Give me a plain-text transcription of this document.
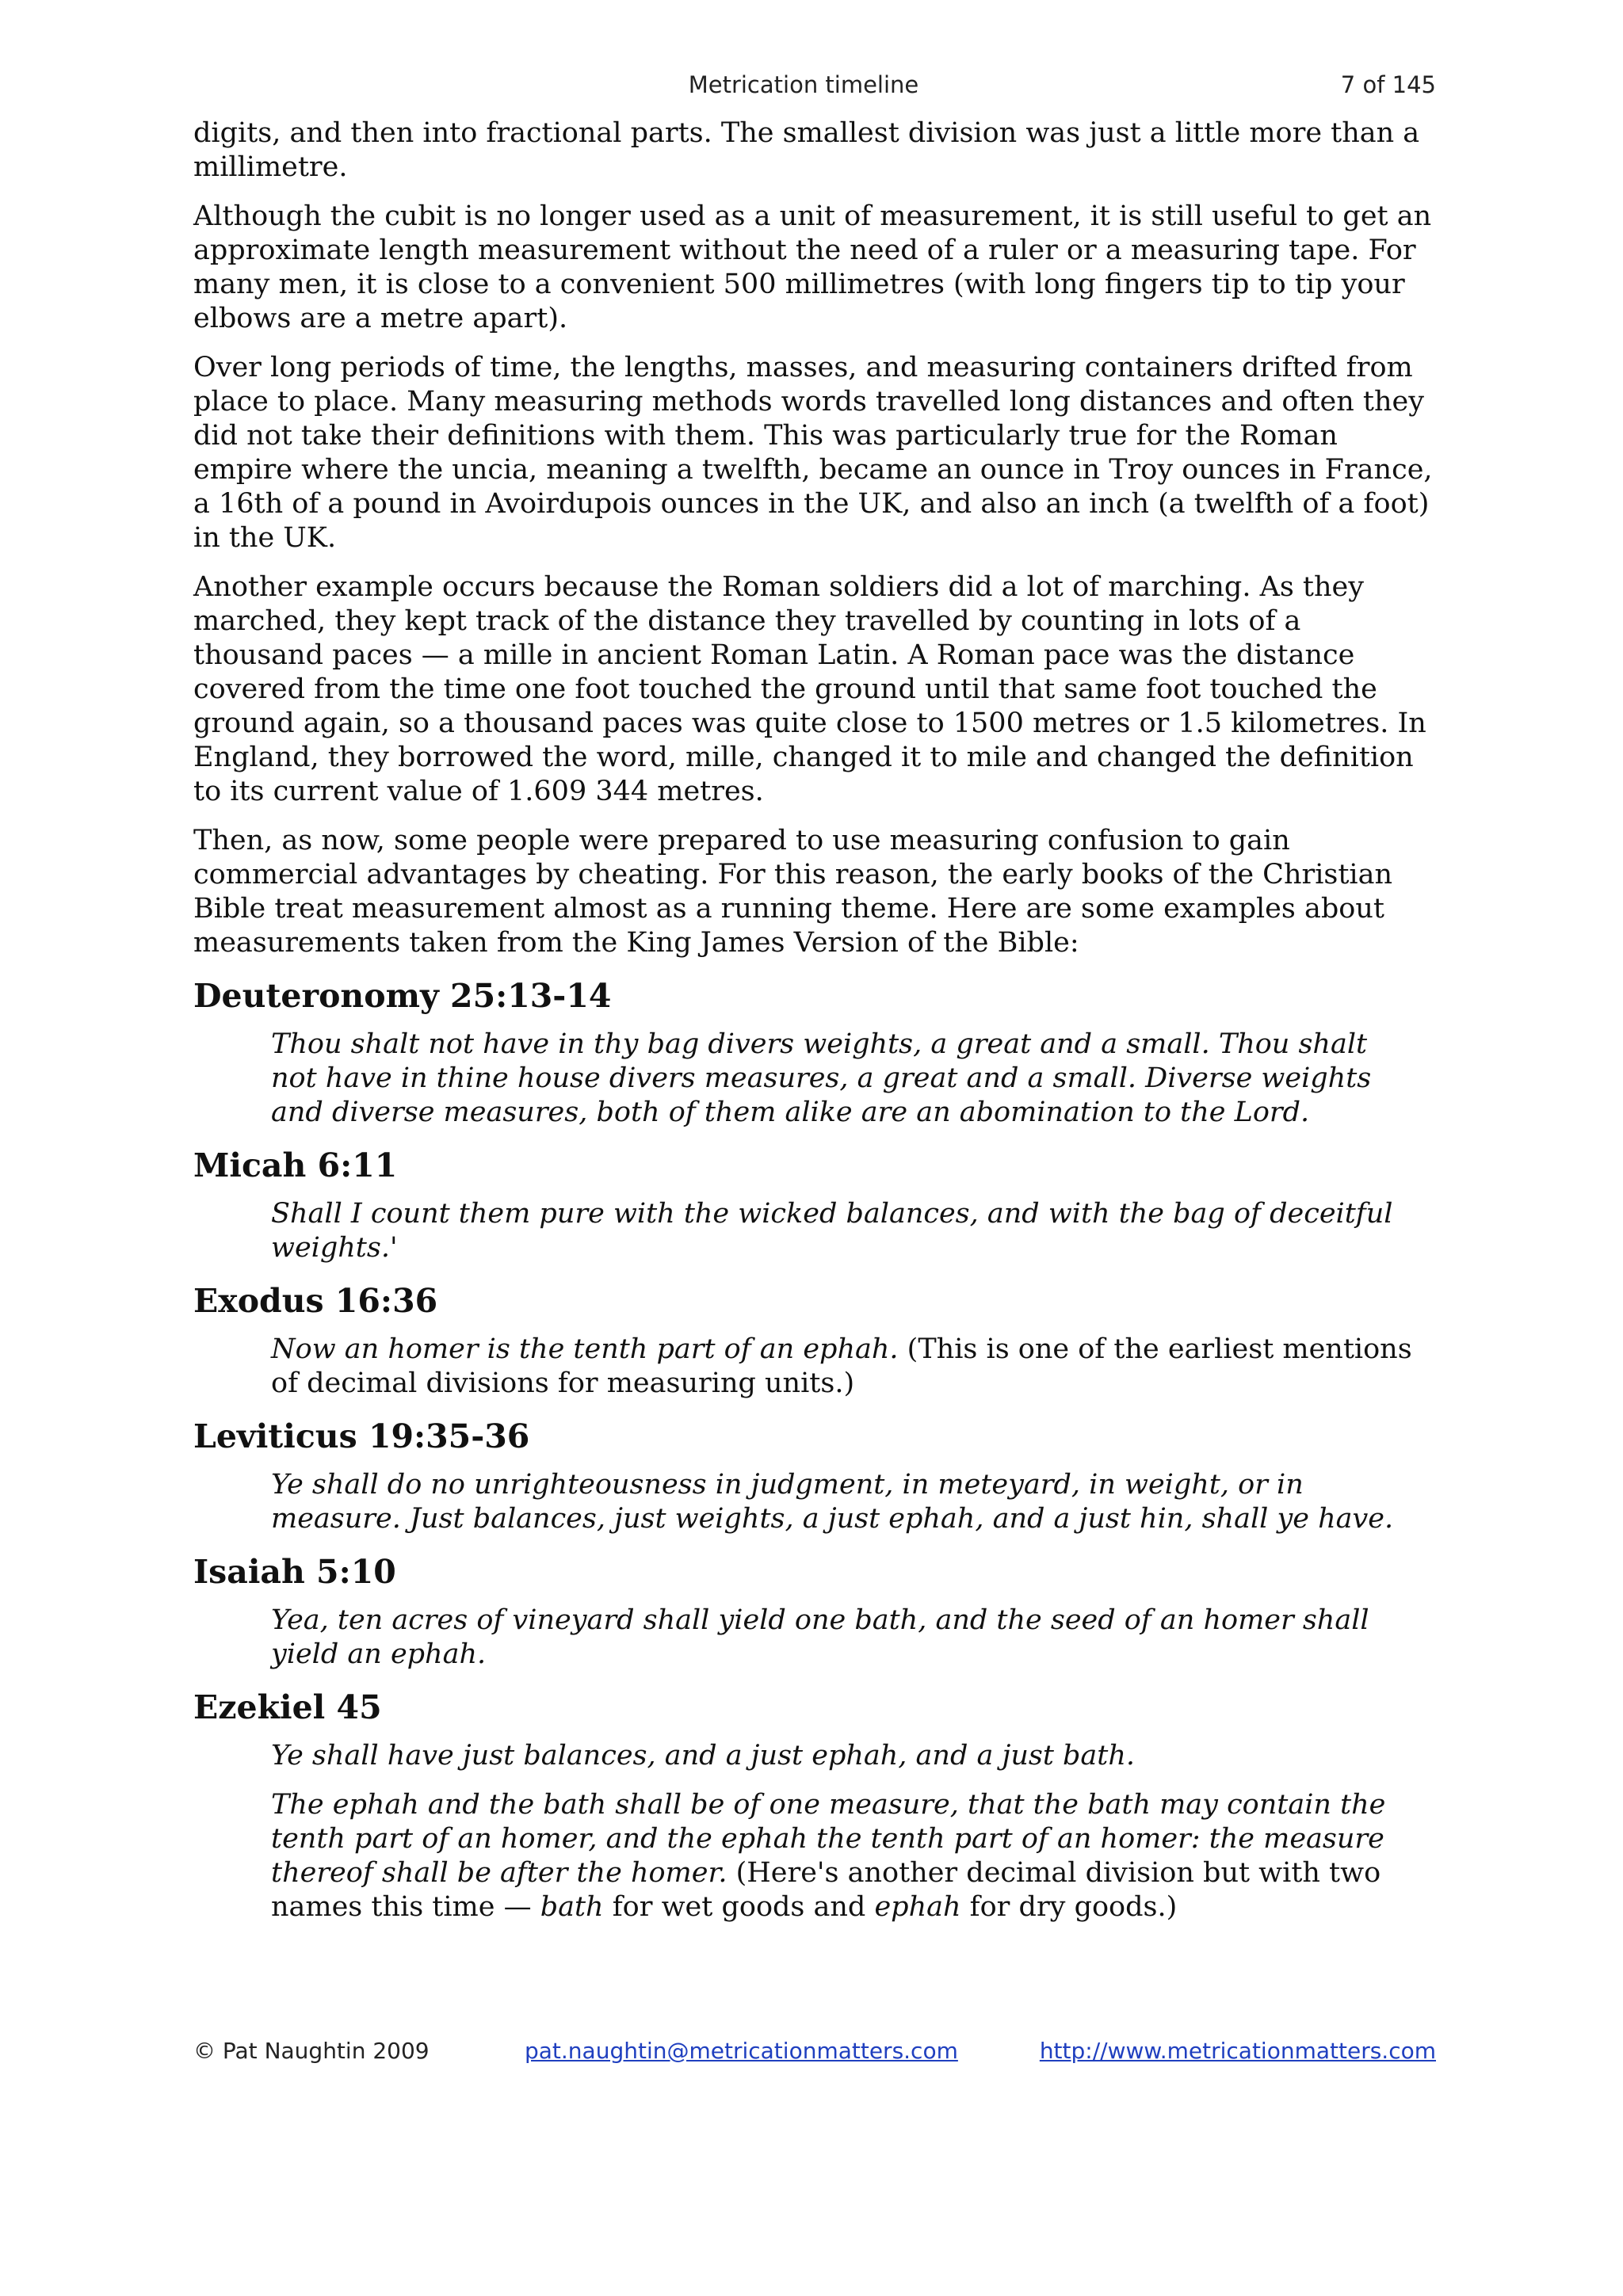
Metrication timeline	7 of 145

digits, and then into fractional parts. The smallest division was just a little more than a millimetre.

Although the cubit is no longer used as a unit of measurement, it is still useful to get an approximate length measurement without the need of a ruler or a measuring tape. For many men, it is close to a convenient 500 millimetres (with long fingers tip to tip your elbows are a metre apart).

Over long periods of time, the lengths, masses, and measuring containers drifted from place to place. Many measuring methods words travelled long distances and often they did not take their definitions with them. This was particularly true for the Roman empire where the uncia, meaning a twelfth, became an ounce in Troy ounces in France, a 16th of a pound in Avoirdupois ounces in the UK, and also an inch (a twelfth of a foot) in the UK.

Another example occurs because the Roman soldiers did a lot of marching. As they marched, they kept track of the distance they travelled by counting in lots of a thousand paces — a mille in ancient Roman Latin. A Roman pace was the distance covered from the time one foot touched the ground until that same foot touched the ground again, so a thousand paces was quite close to 1500 metres or 1.5 kilometres. In England, they borrowed the word, mille, changed it to mile and changed the definition to its current value of 1.609 344 metres.

Then, as now, some people were prepared to use measuring confusion to gain commercial advantages by cheating. For this reason, the early books of the Christian Bible treat measurement almost as a running theme. Here are some examples about measurements taken from the King James Version of the Bible:

Deuteronomy 25:13-14

Thou shalt not have in thy bag divers weights, a great and a small. Thou shalt not have in thine house divers measures, a great and a small. Diverse weights and diverse measures, both of them alike are an abomination to the Lord.

Micah 6:11

Shall I count them pure with the wicked balances, and with the bag of deceitful weights.'

Exodus 16:36

Now an homer is the tenth part of an ephah. (This is one of the earliest mentions of decimal divisions for measuring units.)

Leviticus 19:35-36

Ye shall do no unrighteousness in judgment, in meteyard, in weight, or in measure. Just balances, just weights, a just ephah, and a just hin, shall ye have.

Isaiah 5:10

Yea, ten acres of vineyard shall yield one bath, and the seed of an homer shall yield an ephah.

Ezekiel 45

Ye shall have just balances, and a just ephah, and a just bath.

The ephah and the bath shall be of one measure, that the bath may contain the tenth part of an homer, and the ephah the tenth part of an homer: the measure thereof shall be after the homer. (Here's another decimal division but with two names this time — bath for wet goods and ephah for dry goods.)

© Pat Naughtin 2009	pat.naughtin@metricationmatters.com	http://www.metricationmatters.com
